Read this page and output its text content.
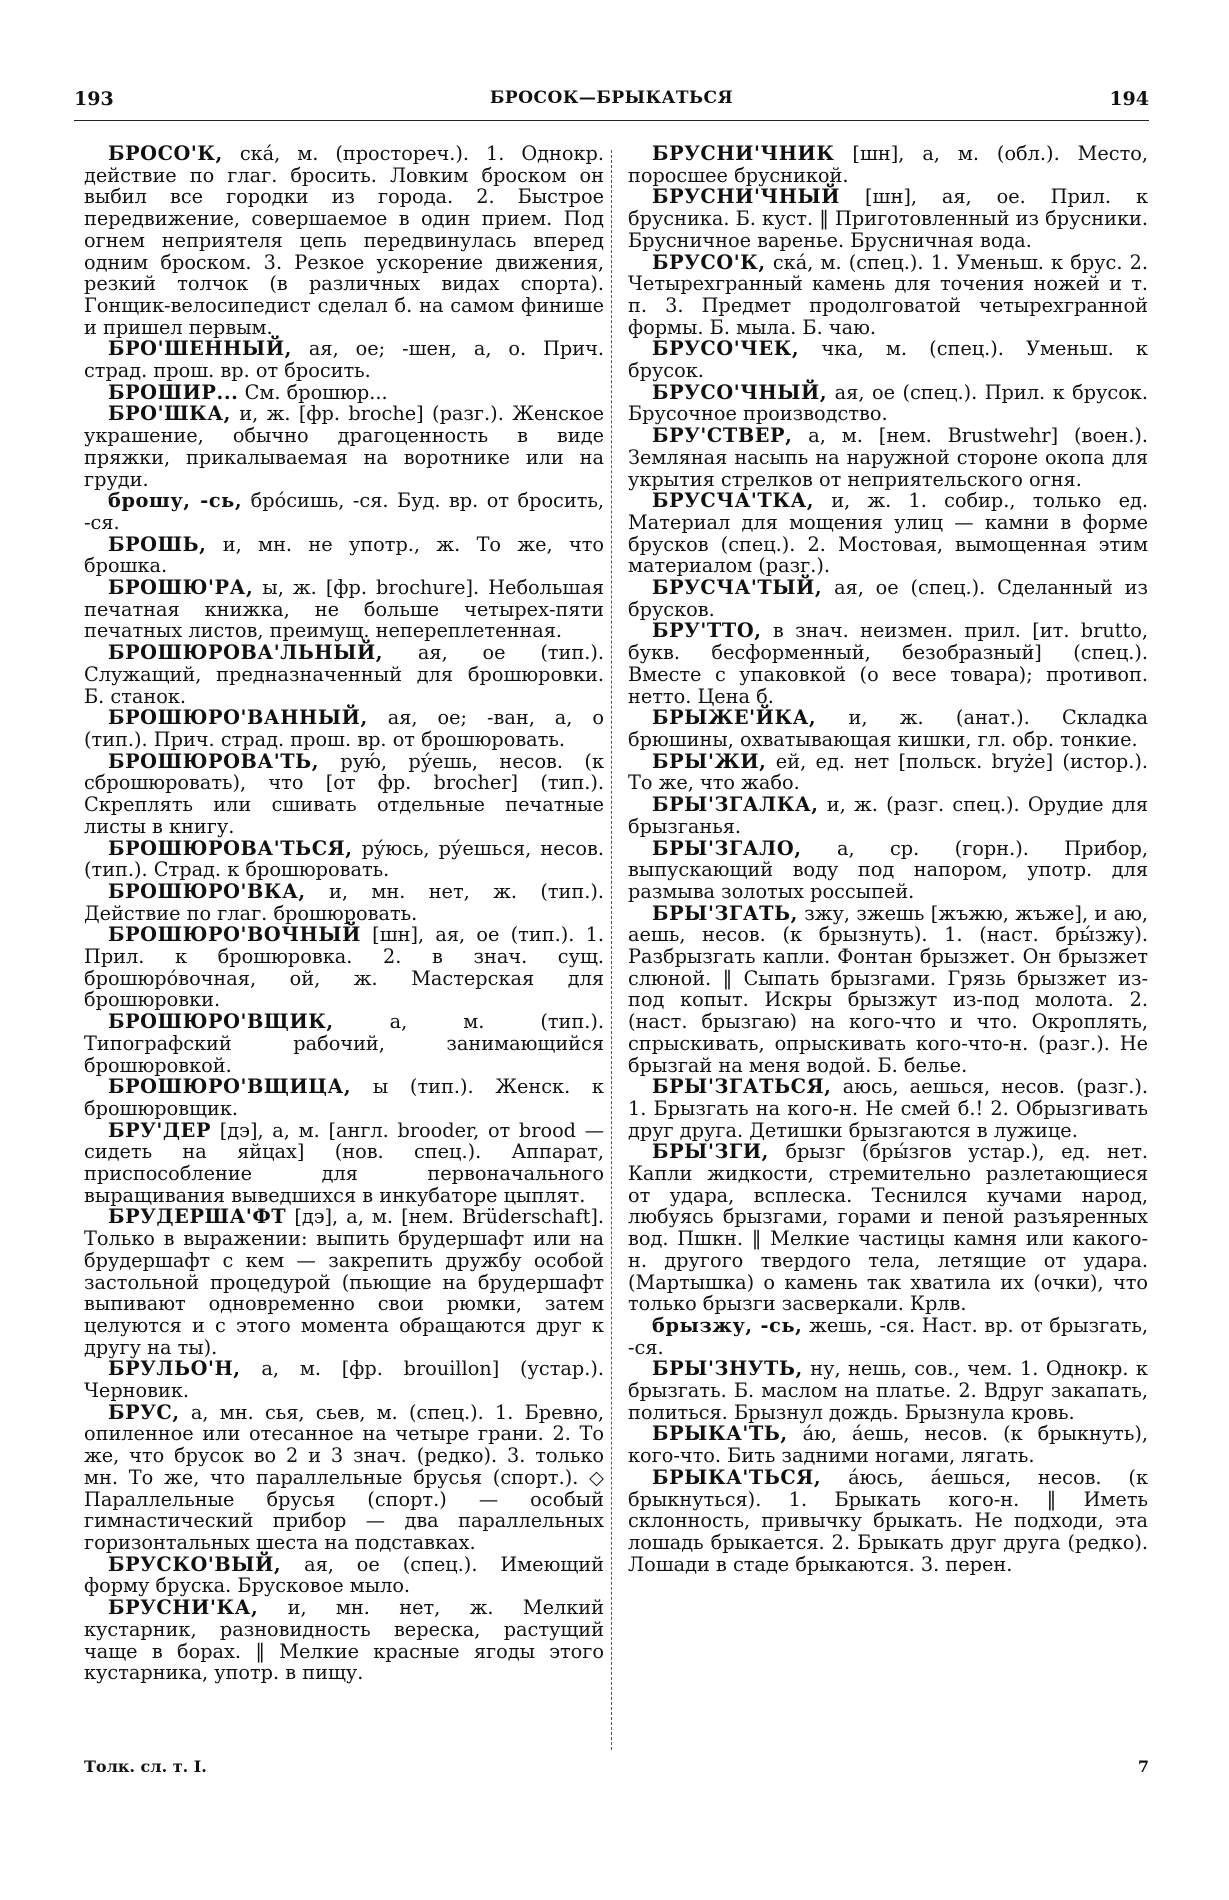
193	БРОСОК—БРЫКАТЬСЯ	194

БРОСО'К, ска́, м. (простореч.). 1. Однокр. действие по глаг. бросить. Ловким броском он выбил все городки из города. 2. Быстрое передвижение, совершаемое в один прием. Под огнем неприятеля цепь передвинулась вперед одним броском. 3. Резкое ускорение движения, резкий толчок (в различных видах спорта). Гонщик-велосипедист сделал б. на самом финише и пришел первым.

БРО'ШЕННЫЙ, ая, ое; -шен, а, о. Прич. страд. прош. вр. от бросить.

БРОШИР... См. брошюр...

БРО'ШКА, и, ж. [фр. broche] (разг.). Женское украшение, обычно драгоценность в виде пряжки, прикалываемая на воротнике или на груди.

брошу, -сь, бро́сишь, -ся. Буд. вр. от бросить, -ся.

БРОШЬ, и, мн. не употр., ж. То же, что брошка.

БРОШЮ'РА, ы, ж. [фр. brochure]. Небольшая печатная книжка, не больше четырех-пяти печатных листов, преимущ. непереплетенная.

БРОШЮРОВА'ЛЬНЫЙ, ая, ое (тип.). Служащий, предназначенный для брошюровки. Б. станок.

БРОШЮРО'ВАННЫЙ, ая, ое; -ван, а, о (тип.). Прич. страд. прош. вр. от брошюровать.

БРОШЮРОВА'ТЬ, рую́, ру́ешь, несов. (к сброшюровать), что [от фр. brocher] (тип.). Скреплять или сшивать отдельные печатные листы в книгу.

БРОШЮРОВА'ТЬСЯ, ру́юсь, ру́ешься, несов. (тип.). Страд. к брошюровать.

БРОШЮРО'ВКА, и, мн. нет, ж. (тип.). Действие по глаг. брошюровать.

БРОШЮРО'ВОЧНЫЙ [шн], ая, ое (тип.). 1. Прил. к брошюровка. 2. в знач. сущ. брошюро́вочная, ой, ж. Мастерская для брошюровки.

БРОШЮРО'ВЩИК, а, м. (тип.). Типографский рабочий, занимающийся брошюровкой.

БРОШЮРО'ВЩИЦА, ы (тип.). Женск. к брошюровщик.

БРУ'ДЕР [дэ], а, м. [англ. brooder, от brood — сидеть на яйцах] (нов. спец.). Аппарат, приспособление для первоначального выращивания выведшихся в инкубаторе цыплят.

БРУДЕРША'ФТ [дэ], а, м. [нем. Brüderschaft]. Только в выражении: выпить брудершафт или на брудершафт с кем — закрепить дружбу особой застольной процедурой (пьющие на брудершафт выпивают одновременно свои рюмки, затем целуются и с этого момента обращаются друг к другу на ты).

БРУЛЬО'Н, а, м. [фр. brouillon] (устар.). Черновик.

БРУС, а, мн. сья, сьев, м. (спец.). 1. Бревно, опиленное или отесанное на четыре грани. 2. То же, что брусок во 2 и 3 знач. (редко). 3. только мн. То же, что параллельные брусья (спорт.). ◇ Параллельные брусья (спорт.) — особый гимнастический прибор — два параллельных горизонтальных шеста на подставках.

БРУСКО'ВЫЙ, ая, ое (спец.). Имеющий форму бруска. Брусковое мыло.

БРУСНИ'КА, и, мн. нет, ж. Мелкий кустарник, разновидность вереска, растущий чаще в борах. ‖ Мелкие красные ягоды этого кустарника, употр. в пищу.

БРУСНИ'ЧНИК [шн], а, м. (обл.). Место, поросшее брусникой.

БРУСНИ'ЧНЫЙ [шн], ая, ое. Прил. к брусника. Б. куст. ‖ Приготовленный из брусники. Брусничное варенье. Брусничная вода.

БРУСО'К, ска́, м. (спец.). 1. Уменьш. к брус. 2. Четырехгранный камень для точения ножей и т. п. 3. Предмет продолговатой четырехгранной формы. Б. мыла. Б. чаю.

БРУСО'ЧЕК, чка, м. (спец.). Уменьш. к брусок.

БРУСО'ЧНЫЙ, ая, ое (спец.). Прил. к брусок. Брусочное производство.

БРУ'СТВЕР, а, м. [нем. Brustwehr] (воен.). Земляная насыпь на наружной стороне окопа для укрытия стрелков от неприятельского огня.

БРУСЧА'ТКА, и, ж. 1. собир., только ед. Материал для мощения улиц — камни в форме брусков (спец.). 2. Мостовая, вымощенная этим материалом (разг.).

БРУСЧА'ТЫЙ, ая, ое (спец.). Сделанный из брусков.

БРУ'ТТО, в знач. неизмен. прил. [ит. brutto, букв. бесформенный, безобразный] (спец.). Вместе с упаковкой (о весе товара); противоп. нетто. Цена б.

БРЫЖЕ'ЙКА, и, ж. (анат.). Складка брюшины, охватывающая кишки, гл. обр. тонкие.

БРЫ'ЖИ, ей, ед. нет [польск. bryże] (истор.). То же, что жабо.

БРЫ'ЗГАЛКА, и, ж. (разг. спец.). Орудие для брызганья.

БРЫ'ЗГАЛО, а, ср. (горн.). Прибор, выпускающий воду под напором, употр. для размыва золотых россыпей.

БРЫ'ЗГАТЬ, зжу, зжешь [жъжю, жъже], и аю, аешь, несов. (к брызнуть). 1. (наст. бры́зжу). Разбрызгать капли. Фонтан брызжет. Он брызжет слюной. ‖ Сыпать брызгами. Грязь брызжет из-под копыт. Искры брызжут из-под молота. 2. (наст. брызгаю) на кого-что и что. Окроплять, спрыскивать, опрыскивать кого-что-н. (разг.). Не брызгай на меня водой. Б. белье.

БРЫ'ЗГАТЬСЯ, аюсь, аешься, несов. (разг.). 1. Брызгать на кого-н. Не смей б.! 2. Обрызгивать друг друга. Детишки брызгаются в лужице.

БРЫ'ЗГИ, брызг (бры́згов устар.), ед. нет. Капли жидкости, стремительно разлетающиеся от удара, всплеска. Теснился кучами народ, любуясь брызгами, горами и пеной разъяренных вод. Пшкн. ‖ Мелкие частицы камня или какого-н. другого твердого тела, летящие от удара. (Мартышка) о камень так хватила их (очки), что только брызги засверкали. Крлв.

брызжу, -сь, жешь, -ся. Наст. вр. от брызгать, -ся.

БРЫ'ЗНУТЬ, ну, нешь, сов., чем. 1. Однокр. к брызгать. Б. маслом на платье. 2. Вдруг закапать, политься. Брызнул дождь. Брызнула кровь.

БРЫКА'ТЬ, а́ю, а́ешь, несов. (к брыкнуть), кого-что. Бить задними ногами, лягать.

БРЫКА'ТЬСЯ, а́юсь, а́ешься, несов. (к брыкнуться). 1. Брыкать кого-н. ‖ Иметь склонность, привычку брыкать. Не подходи, эта лошадь брыкается. 2. Брыкать друг друга (редко). Лошади в стаде брыкаются. 3. перен.

Толк. сл. т. I.	7
